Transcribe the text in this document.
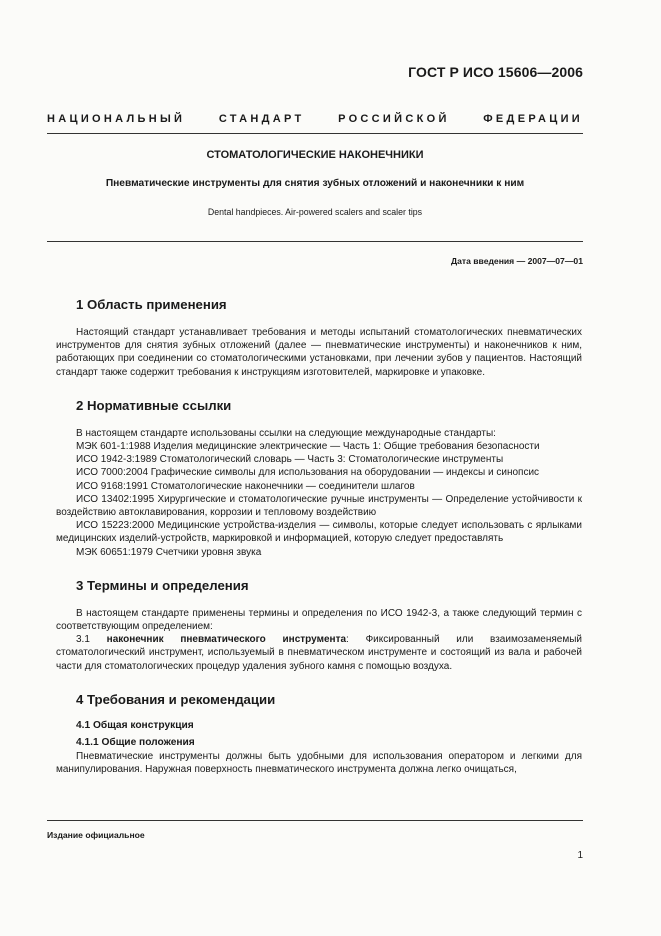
ГОСТ Р ИСО 15606—2006
НАЦИОНАЛЬНЫЙ СТАНДАРТ РОССИЙСКОЙ ФЕДЕРАЦИИ
СТОМАТОЛОГИЧЕСКИЕ НАКОНЕЧНИКИ
Пневматические инструменты для снятия зубных отложений и наконечники к ним
Dental handpieces. Air-powered scalers and scaler tips
Дата введения — 2007—07—01
1 Область применения

Настоящий стандарт устанавливает требования и методы испытаний стоматологических пневматических инструментов для снятия зубных отложений (далее — пневматические инструменты) и наконечников к ним, работающих при соединении со стоматологическими установками, при лечении зубов у пациентов. Настоящий стандарт также содержит требования к инструкциям изготовителей, маркировке и упаковке.

2 Нормативные ссылки

В настоящем стандарте использованы ссылки на следующие международные стандарты:

МЭК 601-1:1988 Изделия медицинские электрические — Часть 1: Общие требования безопасности

ИСО 1942-3:1989 Стоматологический словарь — Часть 3: Стоматологические инструменты

ИСО 7000:2004 Графические символы для использования на оборудовании — индексы и синопсис

ИСО 9168:1991 Стоматологические наконечники — соединители шлагов

ИСО 13402:1995 Хирургические и стоматологические ручные инструменты — Определение устойчивости к воздействию автоклавирования, коррозии и тепловому воздействию

ИСО 15223:2000 Медицинские устройства-изделия — символы, которые следует использовать с ярлыками медицинских изделий-устройств, маркировкой и информацией, которую следует предоставлять

МЭК 60651:1979 Счетчики уровня звука

3 Термины и определения

В настоящем стандарте применены термины и определения по ИСО 1942-3, а также следующий термин с соответствующим определением:

3.1 наконечник пневматического инструмента: Фиксированный или взаимозаменяемый стоматологический инструмент, используемый в пневматическом инструменте и состоящий из вала и рабочей части для стоматологических процедур удаления зубного камня с помощью воздуха.

4 Требования и рекомендации
4.1 Общая конструкция
4.1.1 Общие положения

Пневматические инструменты должны быть удобными для использования оператором и легкими для манипулирования. Наружная поверхность пневматического инструмента должна легко очищаться,

Издание официальное
1
